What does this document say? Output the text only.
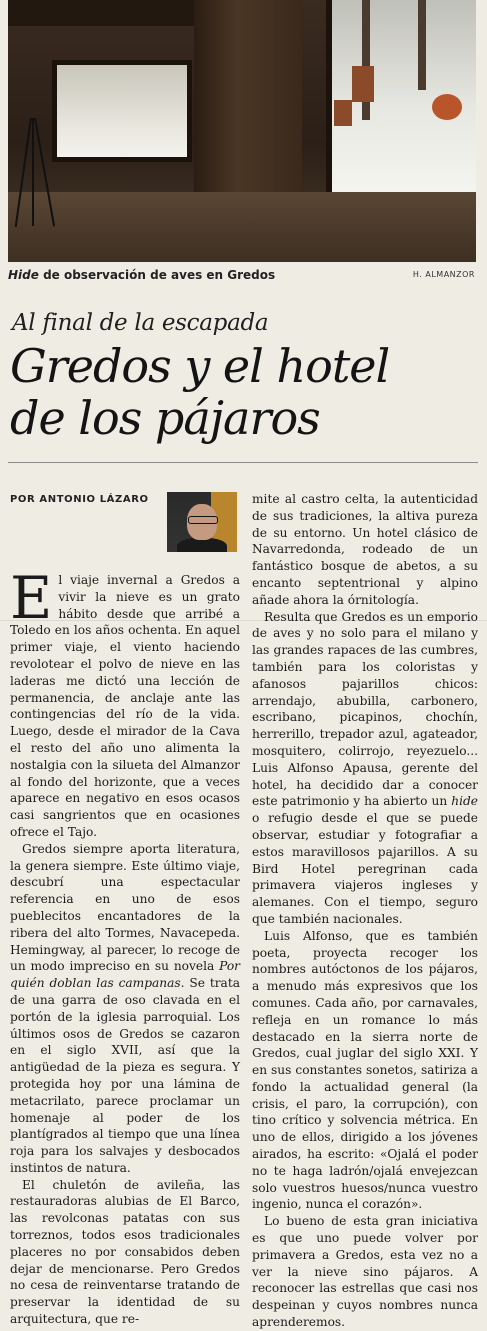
Hide de observación de aves en Gredos	H. ALMANZOR
Al final de la escapada
Gredos y el hotel
de los pájaros
POR ANTONIO LÁZARO

El viaje invernal a Gredos a vivir la nieve es un grato hábito desde que arribé a Toledo en los años ochenta. En aquel primer viaje, el viento haciendo revolotear el polvo de nieve en las laderas me dictó una lección de permanencia, de anclaje ante las contingencias del río de la vida. Luego, desde el mirador de la Cava el resto del año uno alimenta la nostalgia con la silueta del Almanzor al fondo del horizonte, que a veces aparece en negativo en esos ocasos casi sangrientos que en ocasiones ofrece el Tajo.

Gredos siempre aporta literatura, la genera siempre. Este último viaje, descubrí una espectacular referencia en uno de esos pueblecitos encantadores de la ribera del alto Tormes, Navacepeda. Hemingway, al parecer, lo recoge de un modo impreciso en su novela Por quién doblan las campanas. Se trata de una garra de oso clavada en el portón de la iglesia parroquial. Los últimos osos de Gredos se cazaron en el siglo XVII, así que la antigüedad de la pieza es segura. Y protegida hoy por una lámina de metacrilato, parece proclamar un homenaje al poder de los plantígrados al tiempo que una línea roja para los salvajes y desbocados instintos de natura.

El chuletón de avileña, las restauradoras alubias de El Barco, las revolconas patatas con sus torreznos, todos esos tradicionales placeres no por consabidos deben dejar de mencionarse. Pero Gredos no cesa de reinventarse tratando de preservar la identidad de su arquitectura, que re-

mite al castro celta, la autenticidad de sus tradiciones, la altiva pureza de su entorno. Un hotel clásico de Navarredonda, rodeado de un fantástico bosque de abetos, a su encanto septentrional y alpino añade ahora la órnitología.

Resulta que Gredos es un emporio de aves y no solo para el milano y las grandes rapaces de las cumbres, también para los coloristas y afanosos pajarillos chicos: arrendajo, abubilla, carbonero, escribano, picapinos, chochín, herrerillo, trepador azul, agateador, mosquitero, colirrojo, reyezuelo... Luis Alfonso Apausa, gerente del hotel, ha decidido dar a conocer este patrimonio y ha abierto un hide o refugio desde el que se puede observar, estudiar y fotografiar a estos maravillosos pajarillos. A su Bird Hotel peregrinan cada primavera viajeros ingleses y alemanes. Con el tiempo, seguro que también nacionales.

Luis Alfonso, que es también poeta, proyecta recoger los nombres autóctonos de los pájaros, a menudo más expresivos que los comunes. Cada año, por carnavales, refleja en un romance lo más destacado en la sierra norte de Gredos, cual juglar del siglo XXI. Y en sus constantes sonetos, satiriza a fondo la actualidad general (la crisis, el paro, la corrupción), con tino crítico y solvencia métrica. En uno de ellos, dirigido a los jóvenes airados, ha escrito: «Ojalá el poder no te haga ladrón/ojalá envejezcan solo vuestros huesos/nunca vuestro ingenio, nunca el corazón».

Lo bueno de esta gran iniciativa es que uno puede volver por primavera a Gredos, esta vez no a ver la nieve sino pájaros. A reconocer las estrellas que casi nos despeinan y cuyos nombres nunca aprenderemos.
